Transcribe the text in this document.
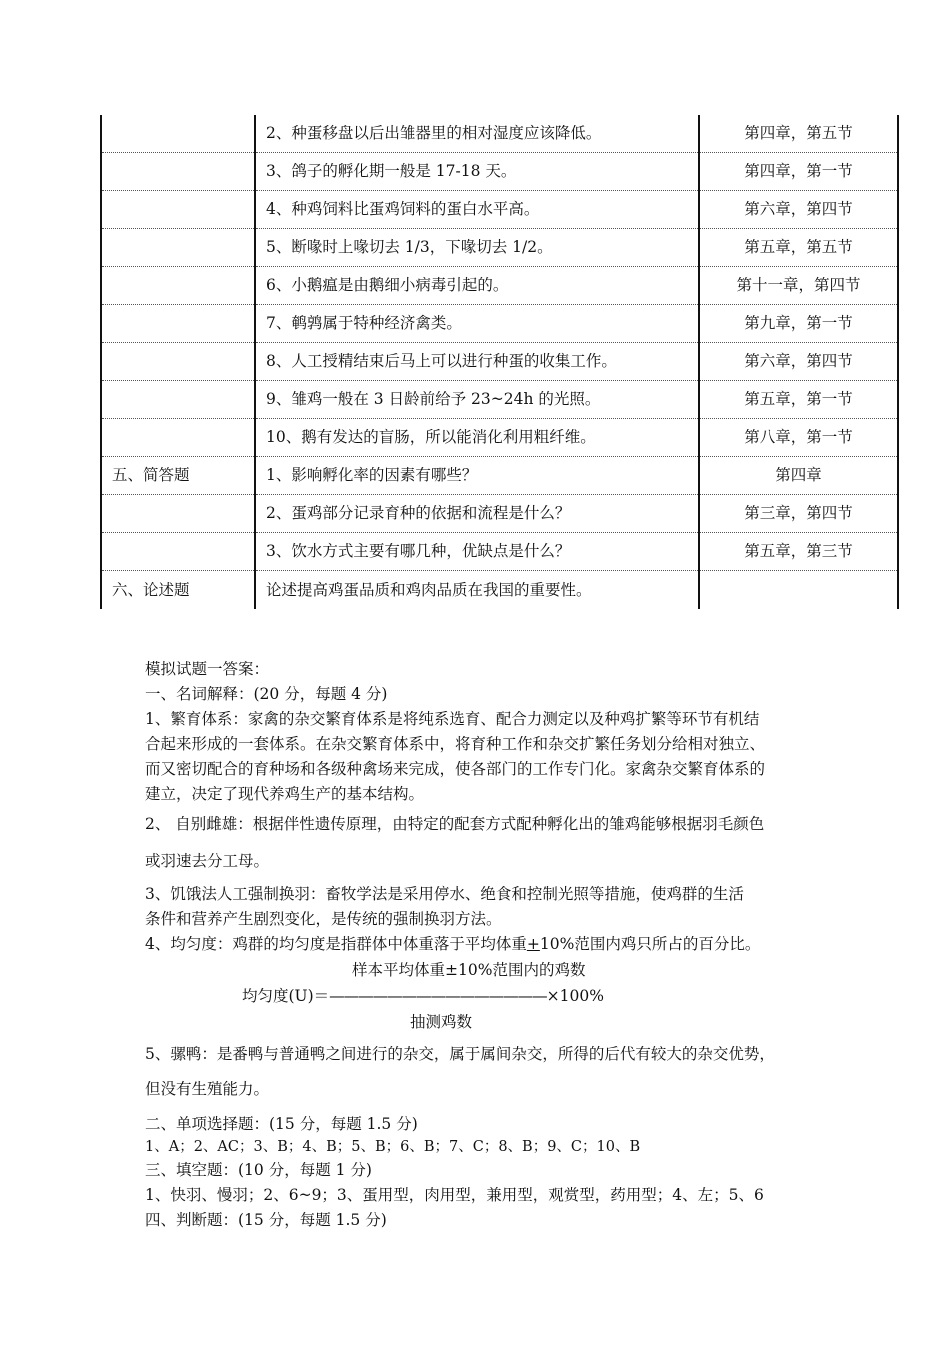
	2、种蛋移盘以后出雏器里的相对湿度应该降低。	第四章，第五节
	3、鸽子的孵化期一般是 17-18 天。	第四章，第一节
	4、种鸡饲料比蛋鸡饲料的蛋白水平高。	第六章，第四节
	5、断喙时上喙切去 1/3，下喙切去 1/2。	第五章，第五节
	6、小鹅瘟是由鹅细小病毒引起的。	第十一章，第四节
	7、鹌鹑属于特种经济禽类。	第九章，第一节
	8、人工授精结束后马上可以进行种蛋的收集工作。	第六章，第四节
	9、雏鸡一般在 3 日龄前给予 23~24h 的光照。	第五章，第一节
	10、鹅有发达的盲肠，所以能消化利用粗纤维。	第八章，第一节
五、简答题	1、影响孵化率的因素有哪些？	第四章
	2、蛋鸡部分记录育种的依据和流程是什么？	第三章，第四节
	3、饮水方式主要有哪几种，优缺点是什么？	第五章，第三节
六、论述题	论述提高鸡蛋品质和鸡肉品质在我国的重要性。	
模拟试题一答案：
一、名词解释：(20 分，每题 4 分)
1、繁育体系：家禽的杂交繁育体系是将纯系选育、配合力测定以及种鸡扩繁等环节有机结
合起来形成的一套体系。在杂交繁育体系中，将育种工作和杂交扩繁任务划分给相对独立、
而又密切配合的育种场和各级种禽场来完成，使各部门的工作专门化。家禽杂交繁育体系的
建立，决定了现代养鸡生产的基本结构。
2、 自别雌雄：根据伴性遗传原理，由特定的配套方式配种孵化出的雏鸡能够根据羽毛颜色
或羽速去分工母。
3、饥饿法人工强制换羽：畜牧学法是采用停水、绝食和控制光照等措施，使鸡群的生活
条件和营养产生剧烈变化，是传统的强制换羽方法。
4、均匀度：鸡群的均匀度是指群体中体重落于平均体重+10%范围内鸡只所占的百分比。
5、骡鸭：是番鸭与普通鸭之间进行的杂交，属于属间杂交，所得的后代有较大的杂交优势，
但没有生殖能力。
二、单项选择题：(15 分，每题 1.5 分)
1、A；2、AC；3、B；4、B；5、B；6、B；7、C；8、B；9、C；10、B
三、填空题：(10 分，每题 1 分)
1、快羽、慢羽；2、6~9；3、蛋用型，肉用型，兼用型，观赏型，药用型；4、左；5、6
四、判断题：(15 分，每题 1.5 分)
样本平均体重±10%范围内的鸡数
均匀度(U)＝———————————————×100%
抽测鸡数
